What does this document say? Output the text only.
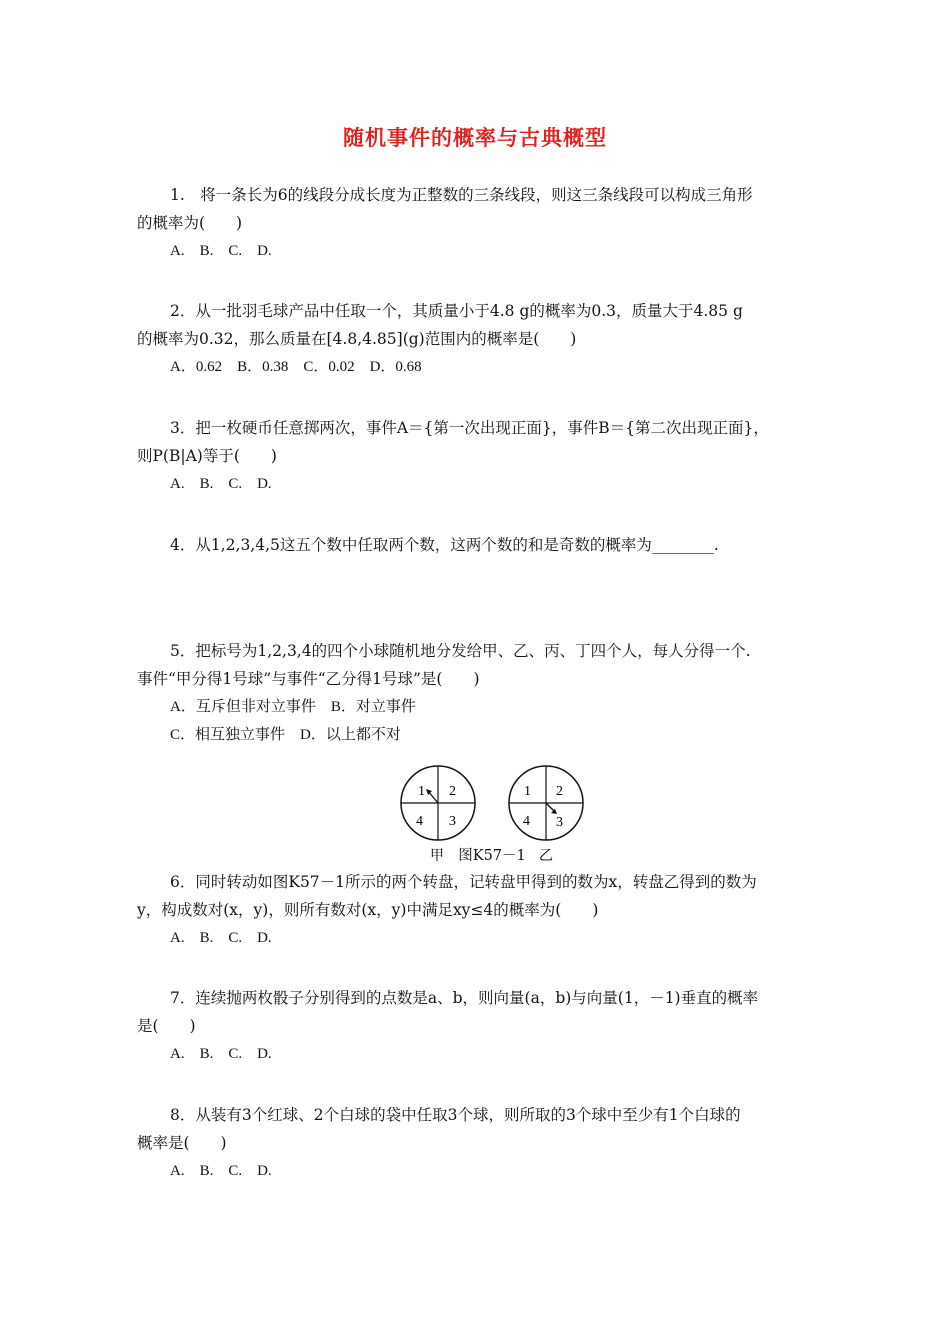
随机事件的概率与古典概型
1.　将一条长为6的线段分成长度为正整数的三条线段，则这三条线段可以构成三角形
的概率为(　　)
A.　B.　C.　D.
2．从一批羽毛球产品中任取一个，其质量小于4.8 g的概率为0.3，质量大于4.85 g
的概率为0.32，那么质量在[4.8,4.85](g)范围内的概率是(　　)
A．0.62　B．0.38　C．0.02　D．0.68
3．把一枚硬币任意掷两次，事件A＝{第一次出现正面}，事件B＝{第二次出现正面}，
则P(B|A)等于(　　)
A.　B.　C.　D.
4．从1,2,3,4,5这五个数中任取两个数，这两个数的和是奇数的概率为________.
5．把标号为1,2,3,4的四个小球随机地分发给甲、乙、丙、丁四个人，每人分得一个.
事件“甲分得1号球”与事件“乙分得1号球”是(　　)
A．互斥但非对立事件　B．对立事件
C．相互独立事件　D．以上都不对
1 2
4 3
1 2
4 3
甲	乙
图K57－1
6．同时转动如图K57－1所示的两个转盘，记转盘甲得到的数为x，转盘乙得到的数为
y，构成数对(x，y)，则所有数对(x，y)中满足xy≤4的概率为(　　)
A.　B.　C.　D.
7．连续抛两枚骰子分别得到的点数是a、b，则向量(a，b)与向量(1，－1)垂直的概率
是(　　)
A.　B.　C.　D.
8．从装有3个红球、2个白球的袋中任取3个球，则所取的3个球中至少有1个白球的
概率是(　　)
A.　B.　C.　D.
